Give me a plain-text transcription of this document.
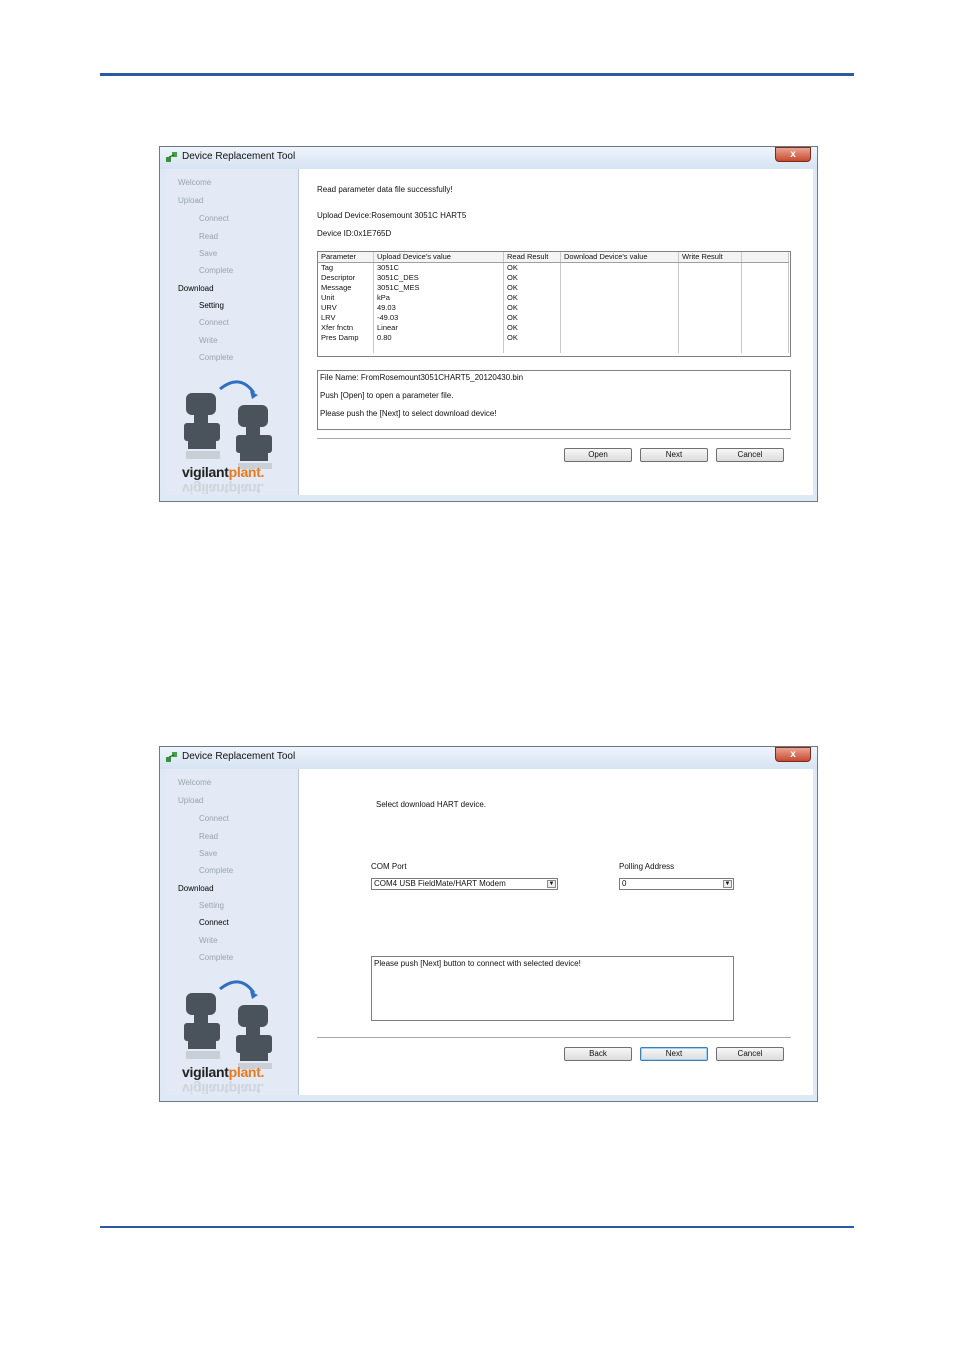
Device Replacement Tool	x
Welcome
Upload
Connect
Read
Save
Complete
Download
Setting
Connect
Write
Complete
vigilantplant.
vigilantplant.
Read parameter data file successfully!
Upload Device:Rosemount 3051C HART5
Device ID:0x1E765D
Parameter	Upload Device's value	Read Result	Download Device's value	Write Result	
Tag	3051C	OK			
Descriptor	3051C_DES	OK			
Message	3051C_MES	OK			
Unit	kPa	OK			
URV	49.03	OK			
LRV	-49.03	OK			
Xfer fnctn	Linear	OK			
Pres Damp	0.80	OK			

File Name: FromRosemount3051CHART5_20120430.bin
Push [Open] to open a parameter file.
Please push the [Next] to select download device!
Open	Next	Cancel
Device Replacement Tool	x
Welcome
Upload
Connect
Read
Save
Complete
Download
Setting
Connect
Write
Complete
vigilantplant.
vigilantplant.
Select download HART device.
COM Port
COM4 USB FieldMate/HART Modem	▼
Polling Address
0	▼
Please push [Next] button to connect with selected device!
Back	Next	Cancel
